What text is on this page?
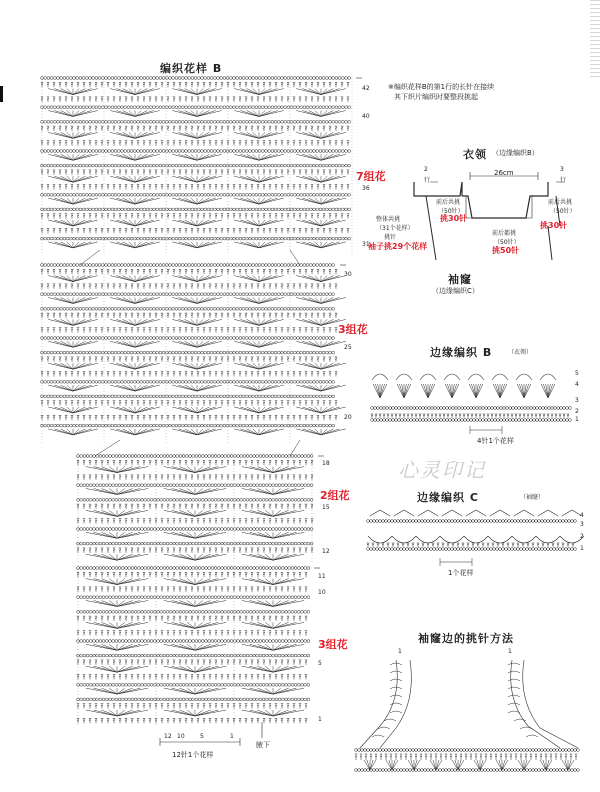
编织花样 B
※编织花样B的第1行的长针在接续
其下织片编织时要整段挑起
42
40
36
31
30
25
20
18
15
12
11
10
5
1
7组花
3组花
2组花
3组花
12 10	5	1
12针1个花样
腋下
衣领 （边缘编织B）
26cm
2
行
3
行
前后共挑
（50针）
挑30针
前后共挑
（50针）
挑30针
整体共挑
（31个花样）
挑针
袖子挑29个花样
前后都挑
（50针）
挑50针
袖窿
（边缘编织C）
边缘编织 B	（衣领）
5
4
3
2
1
4针1个花样
边缘编织 C	（袖窿）
4
3
2
1
1个花样
袖窿边的挑针方法
1	1
心灵印记
